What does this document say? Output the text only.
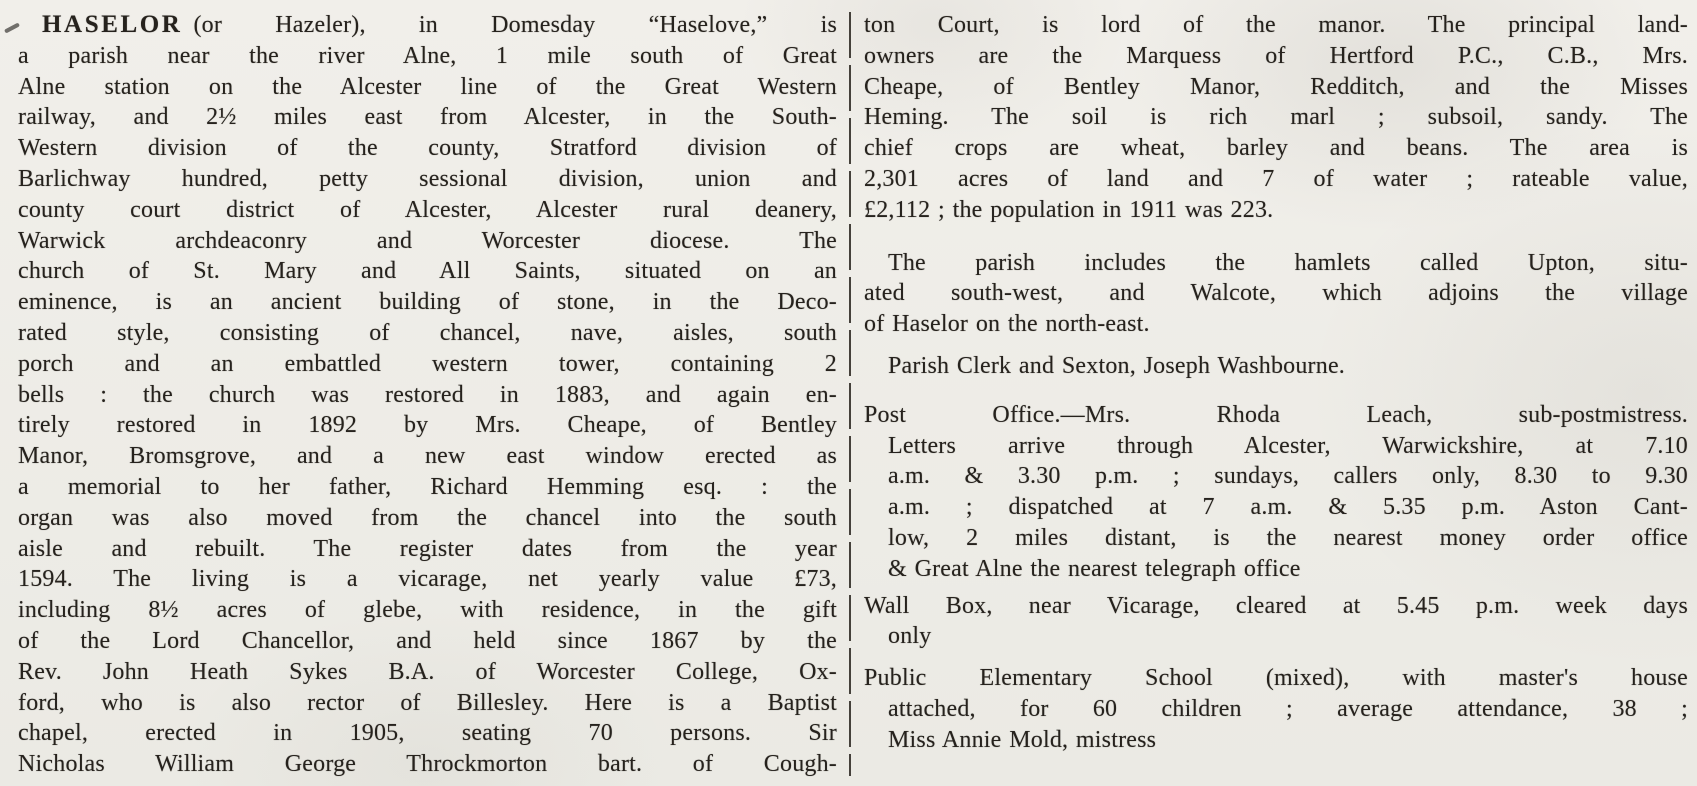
HASELOR (or Hazeler), in Domesday “Haselove,” is
a parish near the river Alne, 1 mile south of Great
Alne station on the Alcester line of the Great Western
railway, and 2½ miles east from Alcester, in the South-
Western division of the county, Stratford division of
Barlichway hundred, petty sessional division, union and
county court district of Alcester, Alcester rural deanery,
Warwick archdeaconry and Worcester diocese. The
church of St. Mary and All Saints, situated on an
eminence, is an ancient building of stone, in the Deco-
rated style, consisting of chancel, nave, aisles, south
porch and an embattled western tower, containing 2
bells : the church was restored in 1883, and again en-
tirely restored in 1892 by Mrs. Cheape, of Bentley
Manor, Bromsgrove, and a new east window erected as
a memorial to her father, Richard Hemming esq. : the
organ was also moved from the chancel into the south
aisle and rebuilt. The register dates from the year
1594. The living is a vicarage, net yearly value £73,
including 8½ acres of glebe, with residence, in the gift
of the Lord Chancellor, and held since 1867 by the
Rev. John Heath Sykes B.A. of Worcester College, Ox-
ford, who is also rector of Billesley. Here is a Baptist
chapel, erected in 1905, seating 70 persons. Sir
Nicholas William George Throckmorton bart. of Cough-
ton Court, is lord of the manor. The principal land-
owners are the Marquess of Hertford P.C., C.B., Mrs.
Cheape, of Bentley Manor, Redditch, and the Misses
Heming. The soil is rich marl ; subsoil, sandy. The
chief crops are wheat, barley and beans. The area is
2,301 acres of land and 7 of water ; rateable value,
£2,112 ; the population in 1911 was 223.
The parish includes the hamlets called Upton, situ-
ated south-west, and Walcote, which adjoins the village
of Haselor on the north-east.
Parish Clerk and Sexton, Joseph Washbourne.
Post Office.—Mrs. Rhoda Leach, sub-postmistress.
Letters arrive through Alcester, Warwickshire, at 7.10
a.m. & 3.30 p.m. ; sundays, callers only, 8.30 to 9.30
a.m. ; dispatched at 7 a.m. & 5.35 p.m. Aston Cant-
low, 2 miles distant, is the nearest money order office
& Great Alne the nearest telegraph office
Wall Box, near Vicarage, cleared at 5.45 p.m. week days
only
Public Elementary School (mixed), with master's house
attached, for 60 children ; average attendance, 38 ;
Miss Annie Mold, mistress
